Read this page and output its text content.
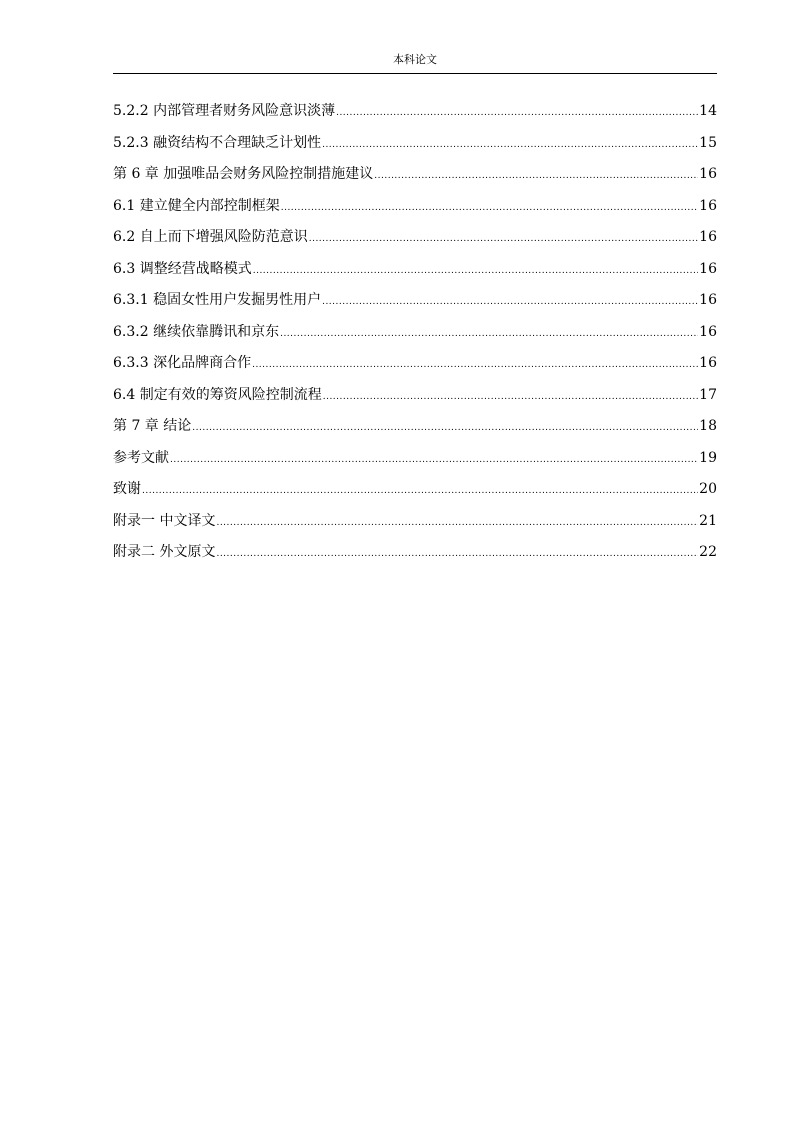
本科论文
5.2.2 内部管理者财务风险意识淡薄 .....	14
5.2.3 融资结构不合理缺乏计划性 .....	15
第 6 章 加强唯品会财务风险控制措施建议 .....	16
6.1 建立健全内部控制框架 .....	16
6.2 自上而下增强风险防范意识 .....	16
6.3 调整经营战略模式 .....	16
6.3.1 稳固女性用户发掘男性用户 .....	16
6.3.2 继续依靠腾讯和京东 .....	16
6.3.3 深化品牌商合作 .....	16
6.4 制定有效的筹资风险控制流程 .....	17
第 7 章 结论 .....	18
参考文献 .....	19
致谢 .....	20
附录一 中文译文 .....	21
附录二 外文原文 .....	22
